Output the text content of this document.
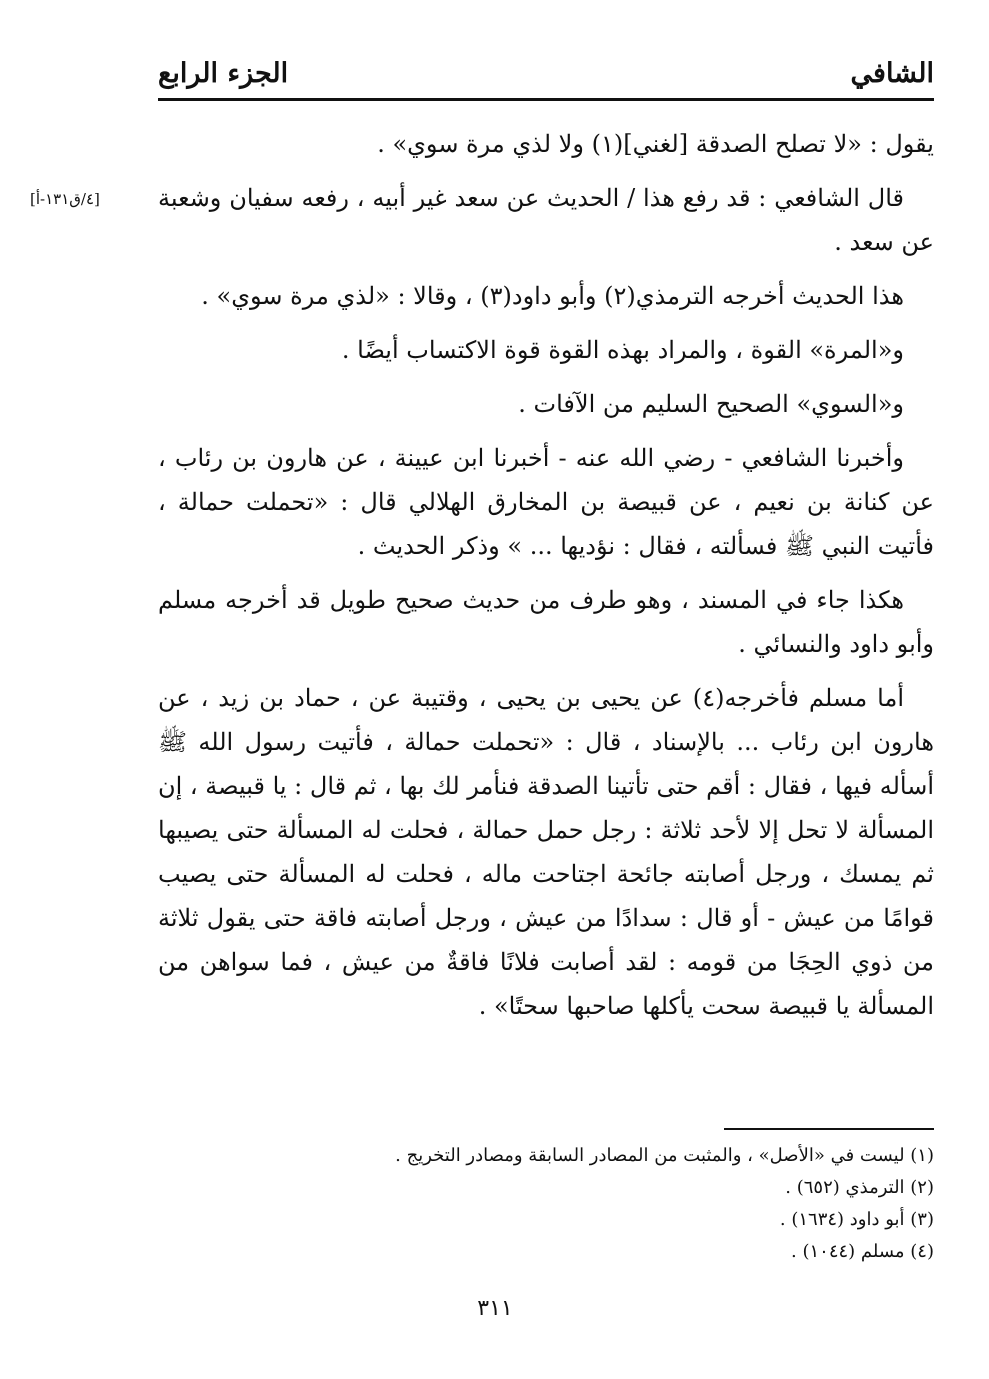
الشافي
الجزء الرابع
[٤/ق١٣١-أ]

يقول : «لا تصلح الصدقة [لغني](١) ولا لذي مرة سوي» .

قال الشافعي : قد رفع هذا / الحديث عن سعد غير أبيه ، رفعه سفيان وشعبة عن سعد .

هذا الحديث أخرجه الترمذي(٢) وأبو داود(٣) ، وقالا : «لذي مرة سوي» .

و«المرة» القوة ، والمراد بهذه القوة قوة الاكتساب أيضًا .

و«السوي» الصحيح السليم من الآفات .

وأخبرنا الشافعي - رضي الله عنه - أخبرنا ابن عيينة ، عن هارون بن رئاب ، عن كنانة بن نعيم ، عن قبيصة بن المخارق الهلالي قال : «تحملت حمالة ، فأتيت النبي ﷺ فسألته ، فقال : نؤديها ... » وذكر الحديث .

هكذا جاء في المسند ، وهو طرف من حديث صحيح طويل قد أخرجه مسلم وأبو داود والنسائي .

أما مسلم فأخرجه(٤) عن يحيى بن يحيى ، وقتيبة عن ، حماد بن زيد ، عن هارون ابن رئاب ... بالإسناد ، قال : «تحملت حمالة ، فأتيت رسول الله ﷺ أسأله فيها ، فقال : أقم حتى تأتينا الصدقة فنأمر لك بها ، ثم قال : يا قبيصة ، إن المسألة لا تحل إلا لأحد ثلاثة : رجل حمل حمالة ، فحلت له المسألة حتى يصيبها ثم يمسك ، ورجل أصابته جائحة اجتاحت ماله ، فحلت له المسألة حتى يصيب قوامًا من عيش - أو قال : سدادًا من عيش ، ورجل أصابته فاقة حتى يقول ثلاثة من ذوي الحِجَا من قومه : لقد أصابت فلانًا فاقةٌ من عيش ، فما سواهن من المسألة يا قبيصة سحت يأكلها صاحبها سحتًا» .

(١) ليست في «الأصل» ، والمثبت من المصادر السابقة ومصادر التخريج .
(٢) الترمذي (٦٥٢) .
(٣) أبو داود (١٦٣٤) .
(٤) مسلم (١٠٤٤) .
٣١١
